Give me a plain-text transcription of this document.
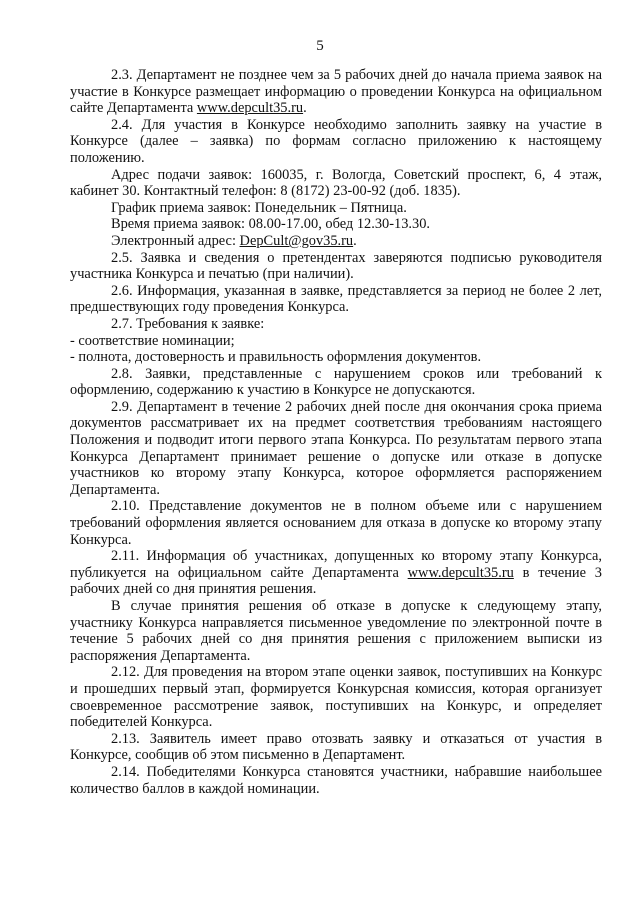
5

2.3. Департамент не позднее чем за 5 рабочих дней до начала приема заявок на участие в Конкурсе размещает информацию о проведении Конкурса на официальном сайте Департамента www.depcult35.ru.

2.4. Для участия в Конкурсе необходимо заполнить заявку на участие в Конкурсе (далее – заявка) по формам согласно приложению к настоящему положению.

Адрес подачи заявок: 160035, г. Вологда, Советский проспект, 6, 4 этаж, кабинет 30. Контактный телефон: 8 (8172) 23-00-92 (доб. 1835).

График приема заявок: Понедельник – Пятница.

Время приема заявок: 08.00-17.00, обед 12.30-13.30.

Электронный адрес: DepCult@gov35.ru.

2.5. Заявка и сведения о претендентах заверяются подписью руководителя участника Конкурса и печатью (при наличии).

2.6. Информация, указанная в заявке, представляется за период не более 2 лет, предшествующих году проведения Конкурса.

2.7. Требования к заявке:

- соответствие номинации;

- полнота, достоверность и правильность оформления документов.

2.8. Заявки, представленные с нарушением сроков или требований к оформлению, содержанию к участию в Конкурсе не допускаются.

2.9. Департамент в течение 2 рабочих дней после дня окончания срока приема документов рассматривает их на предмет соответствия требованиям настоящего Положения и подводит итоги первого этапа Конкурса. По результатам первого этапа Конкурса Департамент принимает решение о допуске или отказе в допуске участников ко второму этапу Конкурса, которое оформляется распоряжением Департамента.

2.10. Представление документов не в полном объеме или с нарушением требований оформления является основанием для отказа в допуске ко второму этапу Конкурса.

2.11. Информация об участниках, допущенных ко второму этапу Конкурса, публикуется на официальном сайте Департамента www.depcult35.ru в течение 3 рабочих дней со дня принятия решения.

В случае принятия решения об отказе в допуске к следующему этапу, участнику Конкурса направляется письменное уведомление по электронной почте в течение 5 рабочих дней со дня принятия решения с приложением выписки из распоряжения Департамента.

2.12. Для проведения на втором этапе оценки заявок, поступивших на Конкурс и прошедших первый этап, формируется Конкурсная комиссия, которая организует своевременное рассмотрение заявок, поступивших на Конкурс, и определяет победителей Конкурса.

2.13. Заявитель имеет право отозвать заявку и отказаться от участия в Конкурсе, сообщив об этом письменно в Департамент.

2.14. Победителями Конкурса становятся участники, набравшие наибольшее количество баллов в каждой номинации.
